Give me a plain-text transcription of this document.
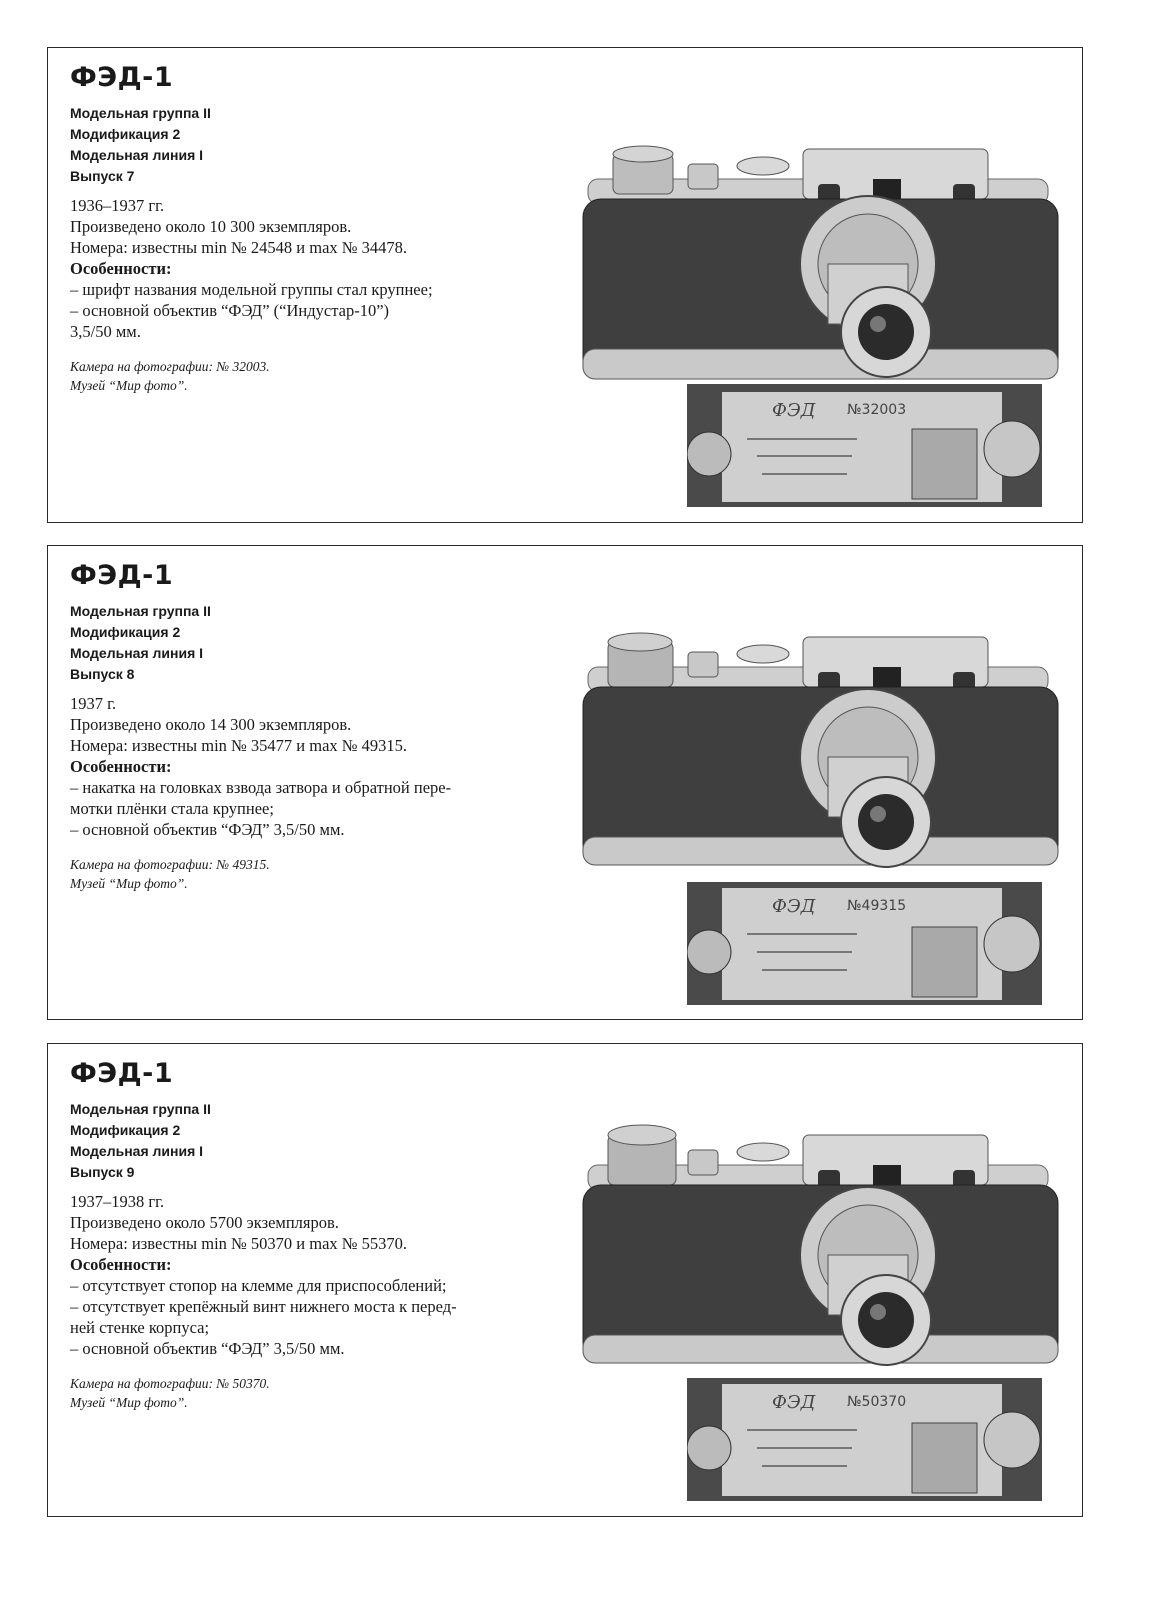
ФЭД-1
Модельная группа II
Модификация 2
Модельная линия I
Выпуск 7
1936–1937 гг.
Произведено около 10 300 экземпляров.
Номера: известны min № 24548 и max № 34478.
Особенности:
– шрифт названия модельной группы стал крупнее;
– основной объектив “ФЭД” (“Индустар-10”)
3,5/50 мм.
Камера на фотографии: № 32003.
Музей “Мир фото”.
ФЭД №32003
ФЭД-1
Модельная группа II
Модификация 2
Модельная линия I
Выпуск 8
1937 г.
Произведено около 14 300 экземпляров.
Номера: известны min № 35477 и max № 49315.
Особенности:
– накатка на головках взвода затвора и обратной пере-
мотки плёнки стала крупнее;
– основной объектив “ФЭД” 3,5/50 мм.
Камера на фотографии: № 49315.
Музей “Мир фото”.
ФЭД №49315
ФЭД-1
Модельная группа II
Модификация 2
Модельная линия I
Выпуск 9
1937–1938 гг.
Произведено около 5700 экземпляров.
Номера: известны min № 50370 и max № 55370.
Особенности:
– отсутствует стопор на клемме для приспособлений;
– отсутствует крепёжный винт нижнего моста к перед-
ней стенке корпуса;
– основной объектив “ФЭД” 3,5/50 мм.
Камера на фотографии: № 50370.
Музей “Мир фото”.	ФЭД №50370
